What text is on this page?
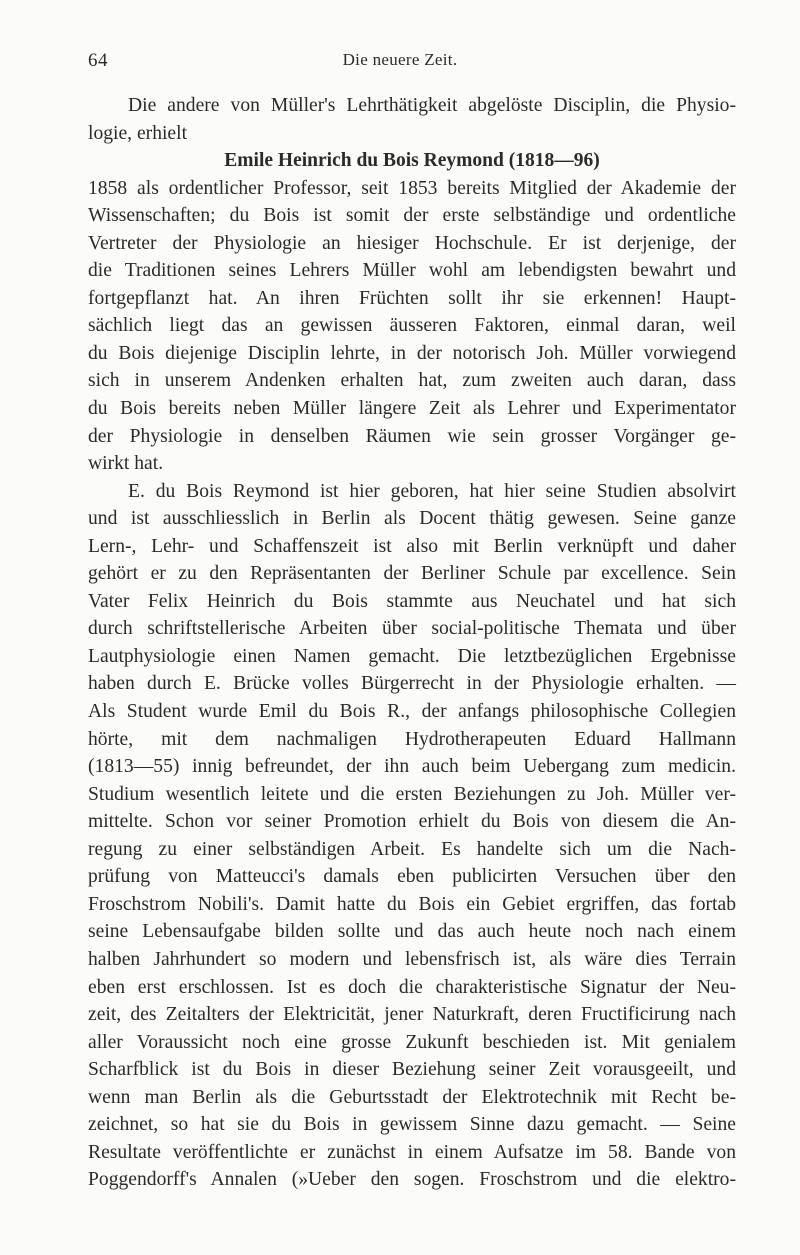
64	Die neuere Zeit.
Die andere von Müller's Lehrthätigkeit abgelöste Disciplin, die Physio-
logie, erhielt
Emile Heinrich du Bois Reymond (1818—96)
1858 als ordentlicher Professor, seit 1853 bereits Mitglied der Akademie der
Wissenschaften; du Bois ist somit der erste selbständige und ordentliche
Vertreter der Physiologie an hiesiger Hochschule. Er ist derjenige, der
die Traditionen seines Lehrers Müller wohl am lebendigsten bewahrt und
fortgepflanzt hat. An ihren Früchten sollt ihr sie erkennen! Haupt-
sächlich liegt das an gewissen äusseren Faktoren, einmal daran, weil
du Bois diejenige Disciplin lehrte, in der notorisch Joh. Müller vorwiegend
sich in unserem Andenken erhalten hat, zum zweiten auch daran, dass
du Bois bereits neben Müller längere Zeit als Lehrer und Experimentator
der Physiologie in denselben Räumen wie sein grosser Vorgänger ge-
wirkt hat.
E. du Bois Reymond ist hier geboren, hat hier seine Studien absolvirt
und ist ausschliesslich in Berlin als Docent thätig gewesen. Seine ganze
Lern-, Lehr- und Schaffenszeit ist also mit Berlin verknüpft und daher
gehört er zu den Repräsentanten der Berliner Schule par excellence. Sein
Vater Felix Heinrich du Bois stammte aus Neuchatel und hat sich
durch schriftstellerische Arbeiten über social-politische Themata und über
Lautphysiologie einen Namen gemacht. Die letztbezüglichen Ergebnisse
haben durch E. Brücke volles Bürgerrecht in der Physiologie erhalten. —
Als Student wurde Emil du Bois R., der anfangs philosophische Collegien
hörte, mit dem nachmaligen Hydrotherapeuten Eduard Hallmann
(1813—55) innig befreundet, der ihn auch beim Uebergang zum medicin.
Studium wesentlich leitete und die ersten Beziehungen zu Joh. Müller ver-
mittelte. Schon vor seiner Promotion erhielt du Bois von diesem die An-
regung zu einer selbständigen Arbeit. Es handelte sich um die Nach-
prüfung von Matteucci's damals eben publicirten Versuchen über den
Froschstrom Nobili's. Damit hatte du Bois ein Gebiet ergriffen, das fortab
seine Lebensaufgabe bilden sollte und das auch heute noch nach einem
halben Jahrhundert so modern und lebensfrisch ist, als wäre dies Terrain
eben erst erschlossen. Ist es doch die charakteristische Signatur der Neu-
zeit, des Zeitalters der Elektricität, jener Naturkraft, deren Fructificirung nach
aller Voraussicht noch eine grosse Zukunft beschieden ist. Mit genialem
Scharfblick ist du Bois in dieser Beziehung seiner Zeit vorausgeeilt, und
wenn man Berlin als die Geburtsstadt der Elektrotechnik mit Recht be-
zeichnet, so hat sie du Bois in gewissem Sinne dazu gemacht. — Seine
Resultate veröffentlichte er zunächst in einem Aufsatze im 58. Bande von
Poggendorff's Annalen (»Ueber den sogen. Froschstrom und die elektro-
